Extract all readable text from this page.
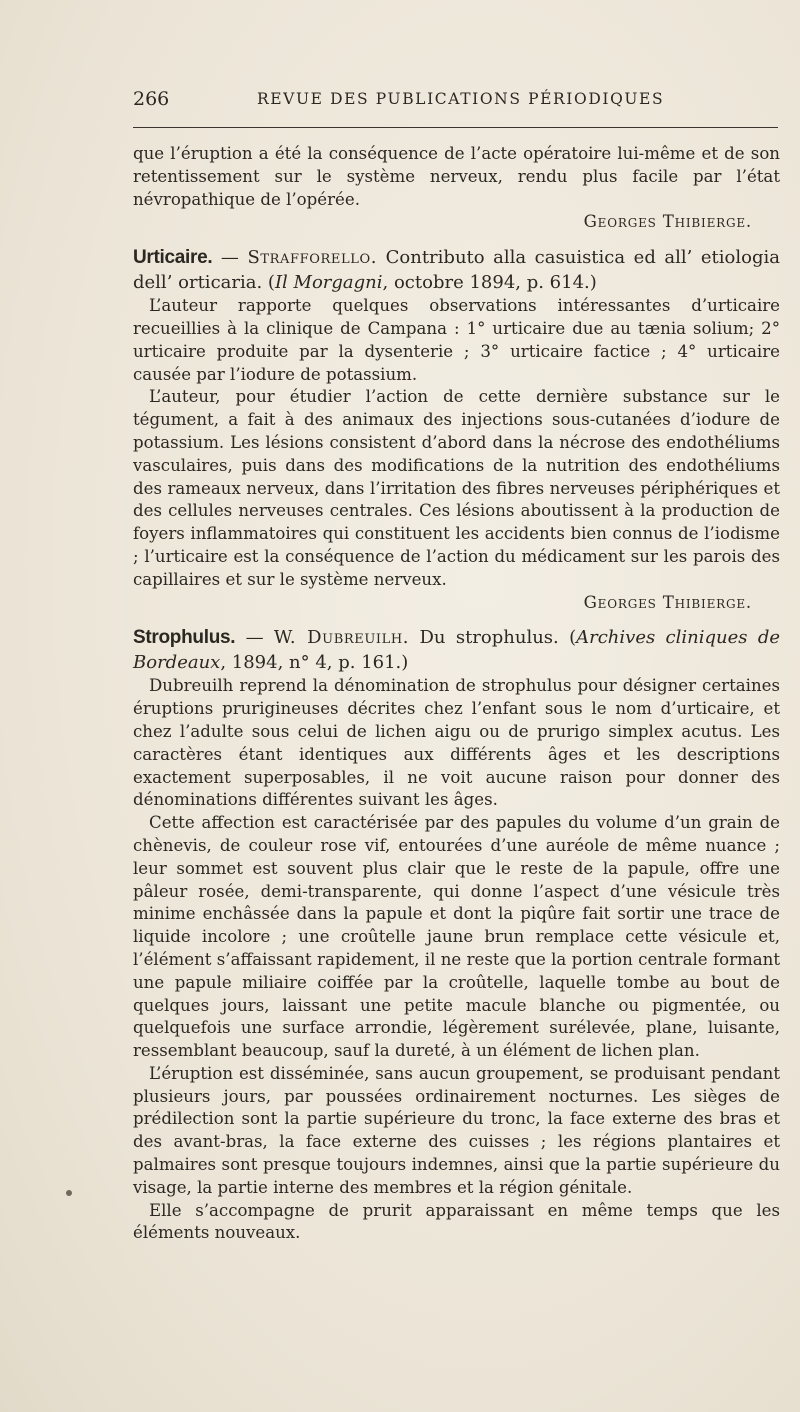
266	REVUE DES PUBLICATIONS PÉRIODIQUES

que l’éruption a été la conséquence de l’acte opératoire lui-même et de son retentissement sur le système nerveux, rendu plus facile par l’état névropathique de l’opérée.

Georges Thibierge.

Urticaire. — Strafforello. Contributo alla casuistica ed all’ etiologia dell’ orticaria. (Il Morgagni, octobre 1894, p. 614.)

L’auteur rapporte quelques observations intéressantes d’urticaire recueillies à la clinique de Campana : 1° urticaire due au tænia solium; 2° urticaire produite par la dysenterie ; 3° urticaire factice ; 4° urticaire causée par l’iodure de potassium.

L’auteur, pour étudier l’action de cette dernière substance sur le tégument, a fait à des animaux des injections sous-cutanées d’iodure de potassium. Les lésions consistent d’abord dans la nécrose des endothéliums vasculaires, puis dans des modifications de la nutrition des endothéliums des rameaux nerveux, dans l’irritation des fibres nerveuses périphériques et des cellules nerveuses centrales. Ces lésions aboutissent à la production de foyers inflammatoires qui constituent les accidents bien connus de l’iodisme ; l’urticaire est la conséquence de l’action du médicament sur les parois des capillaires et sur le système nerveux.

Georges Thibierge.

Strophulus. — W. Dubreuilh. Du strophulus. (Archives cliniques de Bordeaux, 1894, n° 4, p. 161.)

Dubreuilh reprend la dénomination de strophulus pour désigner certaines éruptions prurigineuses décrites chez l’enfant sous le nom d’urticaire, et chez l’adulte sous celui de lichen aigu ou de prurigo simplex acutus. Les caractères étant identiques aux différents âges et les descriptions exactement superposables, il ne voit aucune raison pour donner des dénominations différentes suivant les âges.

Cette affection est caractérisée par des papules du volume d’un grain de chènevis, de couleur rose vif, entourées d’une auréole de même nuance ; leur sommet est souvent plus clair que le reste de la papule, offre une pâleur rosée, demi-transparente, qui donne l’aspect d’une vésicule très minime enchâssée dans la papule et dont la piqûre fait sortir une trace de liquide incolore ; une croûtelle jaune brun remplace cette vésicule et, l’élément s’affaissant rapidement, il ne reste que la portion centrale formant une papule miliaire coiffée par la croûtelle, laquelle tombe au bout de quelques jours, laissant une petite macule blanche ou pigmentée, ou quelquefois une surface arrondie, légèrement surélevée, plane, luisante, ressemblant beaucoup, sauf la dureté, à un élément de lichen plan.

L’éruption est disséminée, sans aucun groupement, se produisant pendant plusieurs jours, par poussées ordinairement nocturnes. Les sièges de prédilection sont la partie supérieure du tronc, la face externe des bras et des avant-bras, la face externe des cuisses ; les régions plantaires et palmaires sont presque toujours indemnes, ainsi que la partie supérieure du visage, la partie interne des membres et la région génitale.

Elle s’accompagne de prurit apparaissant en même temps que les éléments nouveaux.
